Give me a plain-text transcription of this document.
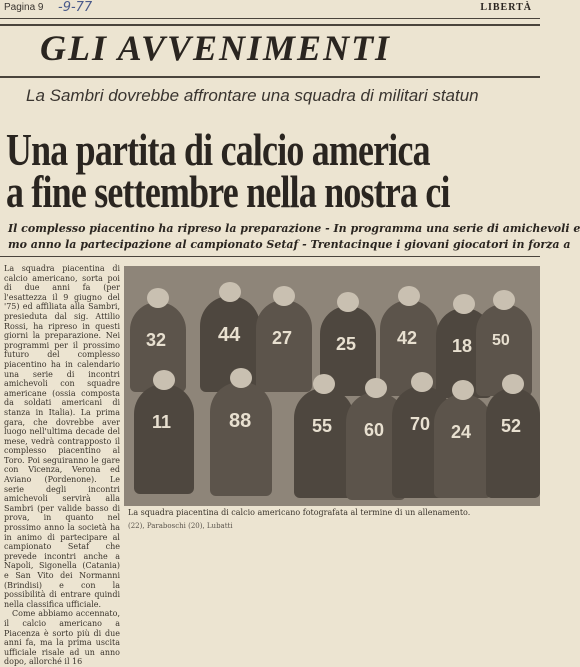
Pagina 9 -9-77	LIBERTÀ
GLI AVVENIMENTI
La Sambri dovrebbe affrontare una squadra di militari statun
Una partita di calcio america
a fine settembre nella nostra ci
Il complesso piacentino ha ripreso la preparazione - In programma una serie di amichevoli e
mo anno la partecipazione al campionato Setaf - Trentacinque i giovani giocatori in forza a

La squadra piacentina di calcio americano, sorta poi di due anni fa (per l'esattezza il 9 giugno del '75) ed affiliata alla Sambri, presieduta dal sig. Attilio Rossi, ha ripreso in questi giorni la preparazione. Nei programmi per il prossimo futuro del complesso piacentino ha in calendario una serie di incontri amichevoli con squadre americane (ossia composta da soldati americani di stanza in Italia). La prima gara, che dovrebbe aver luogo nell'ultima decade del mese, vedrà contrapposto il complesso piacentino al Toro. Poi seguiranno le gare con Vicenza, Verona ed Aviano (Pordenone). Le serie degli incontri amichevoli servirà alla Sambri (per valide basso di prova, in quanto nel prossimo anno la società ha in animo di partecipare al campionato Setaf che prevede incontri anche a Napoli, Sigonella (Catania) e San Vito dei Normanni (Brindisi) e con la possibilità di entrare quindi nella classifica ufficiale.

Come abbiamo accennato, il calcio americano a Piacenza è sorto più di due anni fa, ma la prima uscita ufficiale risale ad un anno dopo, allorché il 16

32	44 27 25 42 18 50
11	88	55 60 70 24 52
La squadra piacentina di calcio americano fotografata al termine di un allenamento.
(22), Paraboschi (20), Lubatti
